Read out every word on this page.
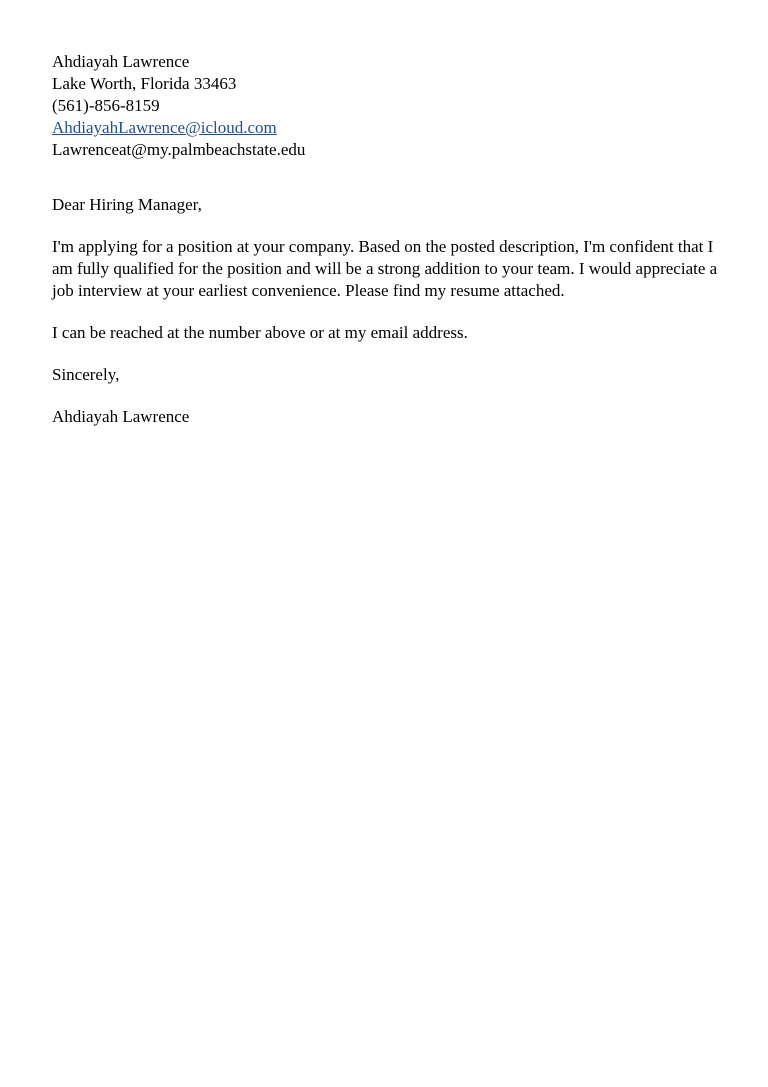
Ahdiayah Lawrence
Lake Worth, Florida 33463
(561)-856-8159
AhdiayahLawrence@icloud.com
Lawrenceat@my.palmbeachstate.edu
Dear Hiring Manager,
I'm applying for a position at your company. Based on the posted description, I'm confident that I am fully qualified for the position and will be a strong addition to your team. I would appreciate a job interview at your earliest convenience. Please find my resume attached.
I can be reached at the number above or at my email address.
Sincerely,
Ahdiayah Lawrence
